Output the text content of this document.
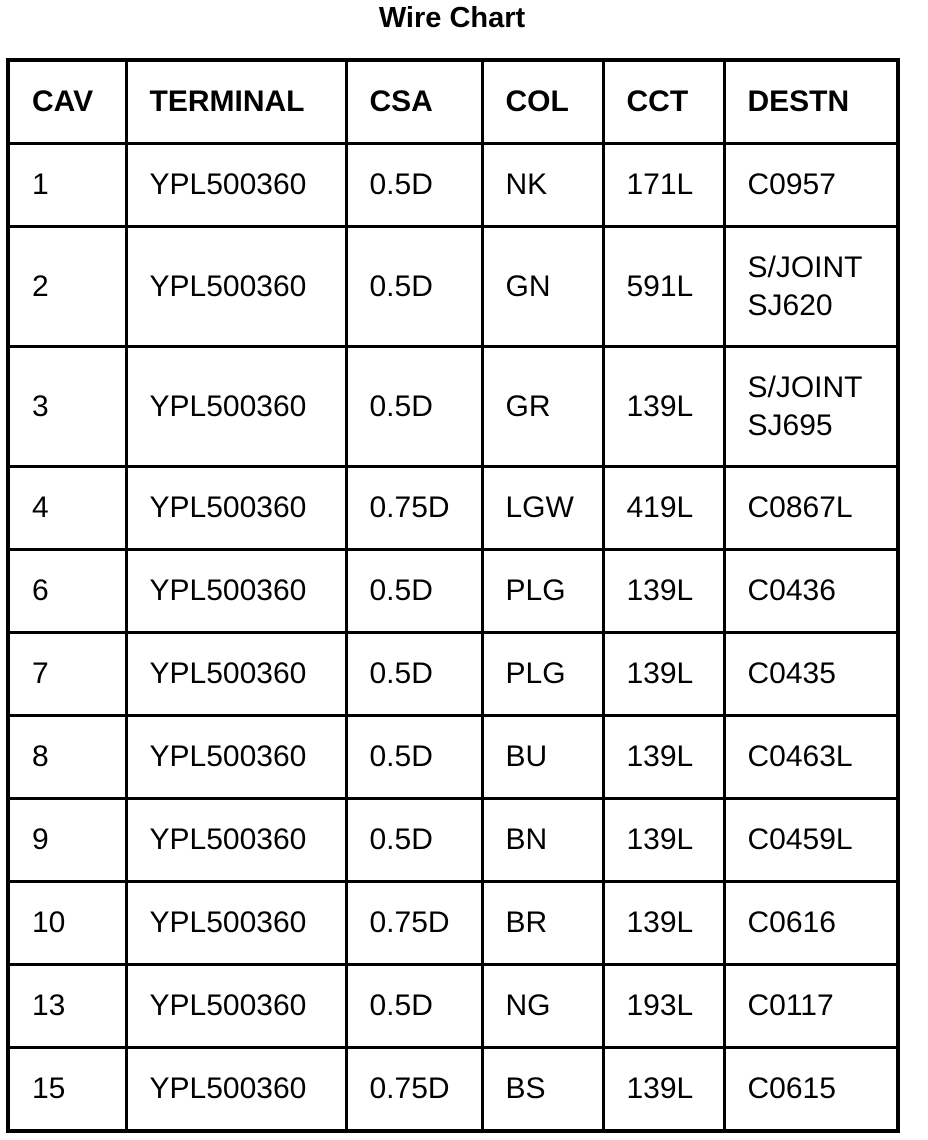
Wire Chart
CAV	TERMINAL	CSA	COL	CCT	DESTN
1	YPL500360	0.5D	NK	171L	C0957

2	YPL500360	0.5D	GN	591L	S/JOINT
SJ620

3	YPL500360	0.5D	GR	139L	S/JOINT
SJ695

4	YPL500360	0.75D	LGW	419L	C0867L

6	YPL500360	0.5D	PLG	139L	C0436

7	YPL500360	0.5D	PLG	139L	C0435

8	YPL500360	0.5D	BU	139L	C0463L

9	YPL500360	0.5D	BN	139L	C0459L

10	YPL500360	0.75D	BR	139L	C0616

13	YPL500360	0.5D	NG	193L	C0117

15	YPL500360	0.75D	BS	139L	C0615
